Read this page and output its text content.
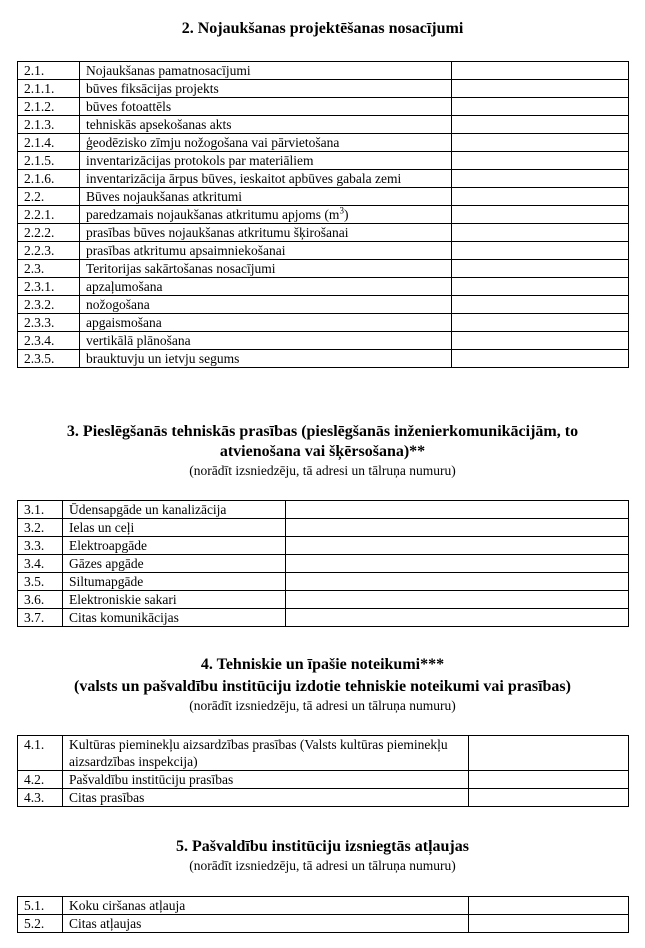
2. Nojaukšanas projektēšanas nosacījumi
2.1.	Nojaukšanas pamatnosacījumi	
2.1.1.	būves fiksācijas projekts	
2.1.2.	būves fotoattēls	
2.1.3.	tehniskās apsekošanas akts	
2.1.4.	ģeodēzisko zīmju nožogošana vai pārvietošana	
2.1.5.	inventarizācijas protokols par materiāliem	
2.1.6.	inventarizācija ārpus būves, ieskaitot apbūves gabala zemi	
2.2.	Būves nojaukšanas atkritumi	
2.2.1.	paredzamais nojaukšanas atkritumu apjoms $(m^3)$	
2.2.2.	prasības būves nojaukšanas atkritumu šķirošanai	
2.2.3.	prasības atkritumu apsaimniekošanai	
2.3.	Teritorijas sakārtošanas nosacījumi	
2.3.1.	apzaļumošana	
2.3.2.	nožogošana	
2.3.3.	apgaismošana	
2.3.4.	vertikālā plānošana	
2.3.5.	brauktuvju un ietvju segums	
3. Pieslēgšanās tehniskās prasības (pieslēgšanās inženierkomunikācijām, to
atvienošana vai šķērsošana)**
(norādīt izsniedzēju, tā adresi un tālruņa numuru)
3.1.	Ūdensapgāde un kanalizācija	
3.2.	Ielas un ceļi	
3.3.	Elektroapgāde	
3.4.	Gāzes apgāde	
3.5.	Siltumapgāde	
3.6.	Elektroniskie sakari	
3.7.	Citas komunikācijas	
4. Tehniskie un īpašie noteikumi***
(valsts un pašvaldību institūciju izdotie tehniskie noteikumi vai prasības)
(norādīt izsniedzēju, tā adresi un tālruņa numuru)
4.1.	Kultūras pieminekļu aizsardzības prasības (Valsts kultūras pieminekļu aizsardzības inspekcija)	
4.2.	Pašvaldību institūciju prasības	
4.3.	Citas prasības	
5. Pašvaldību institūciju izsniegtās atļaujas
(norādīt izsniedzēju, tā adresi un tālruņa numuru)
5.1.	Koku ciršanas atļauja	
5.2.	Citas atļaujas	
